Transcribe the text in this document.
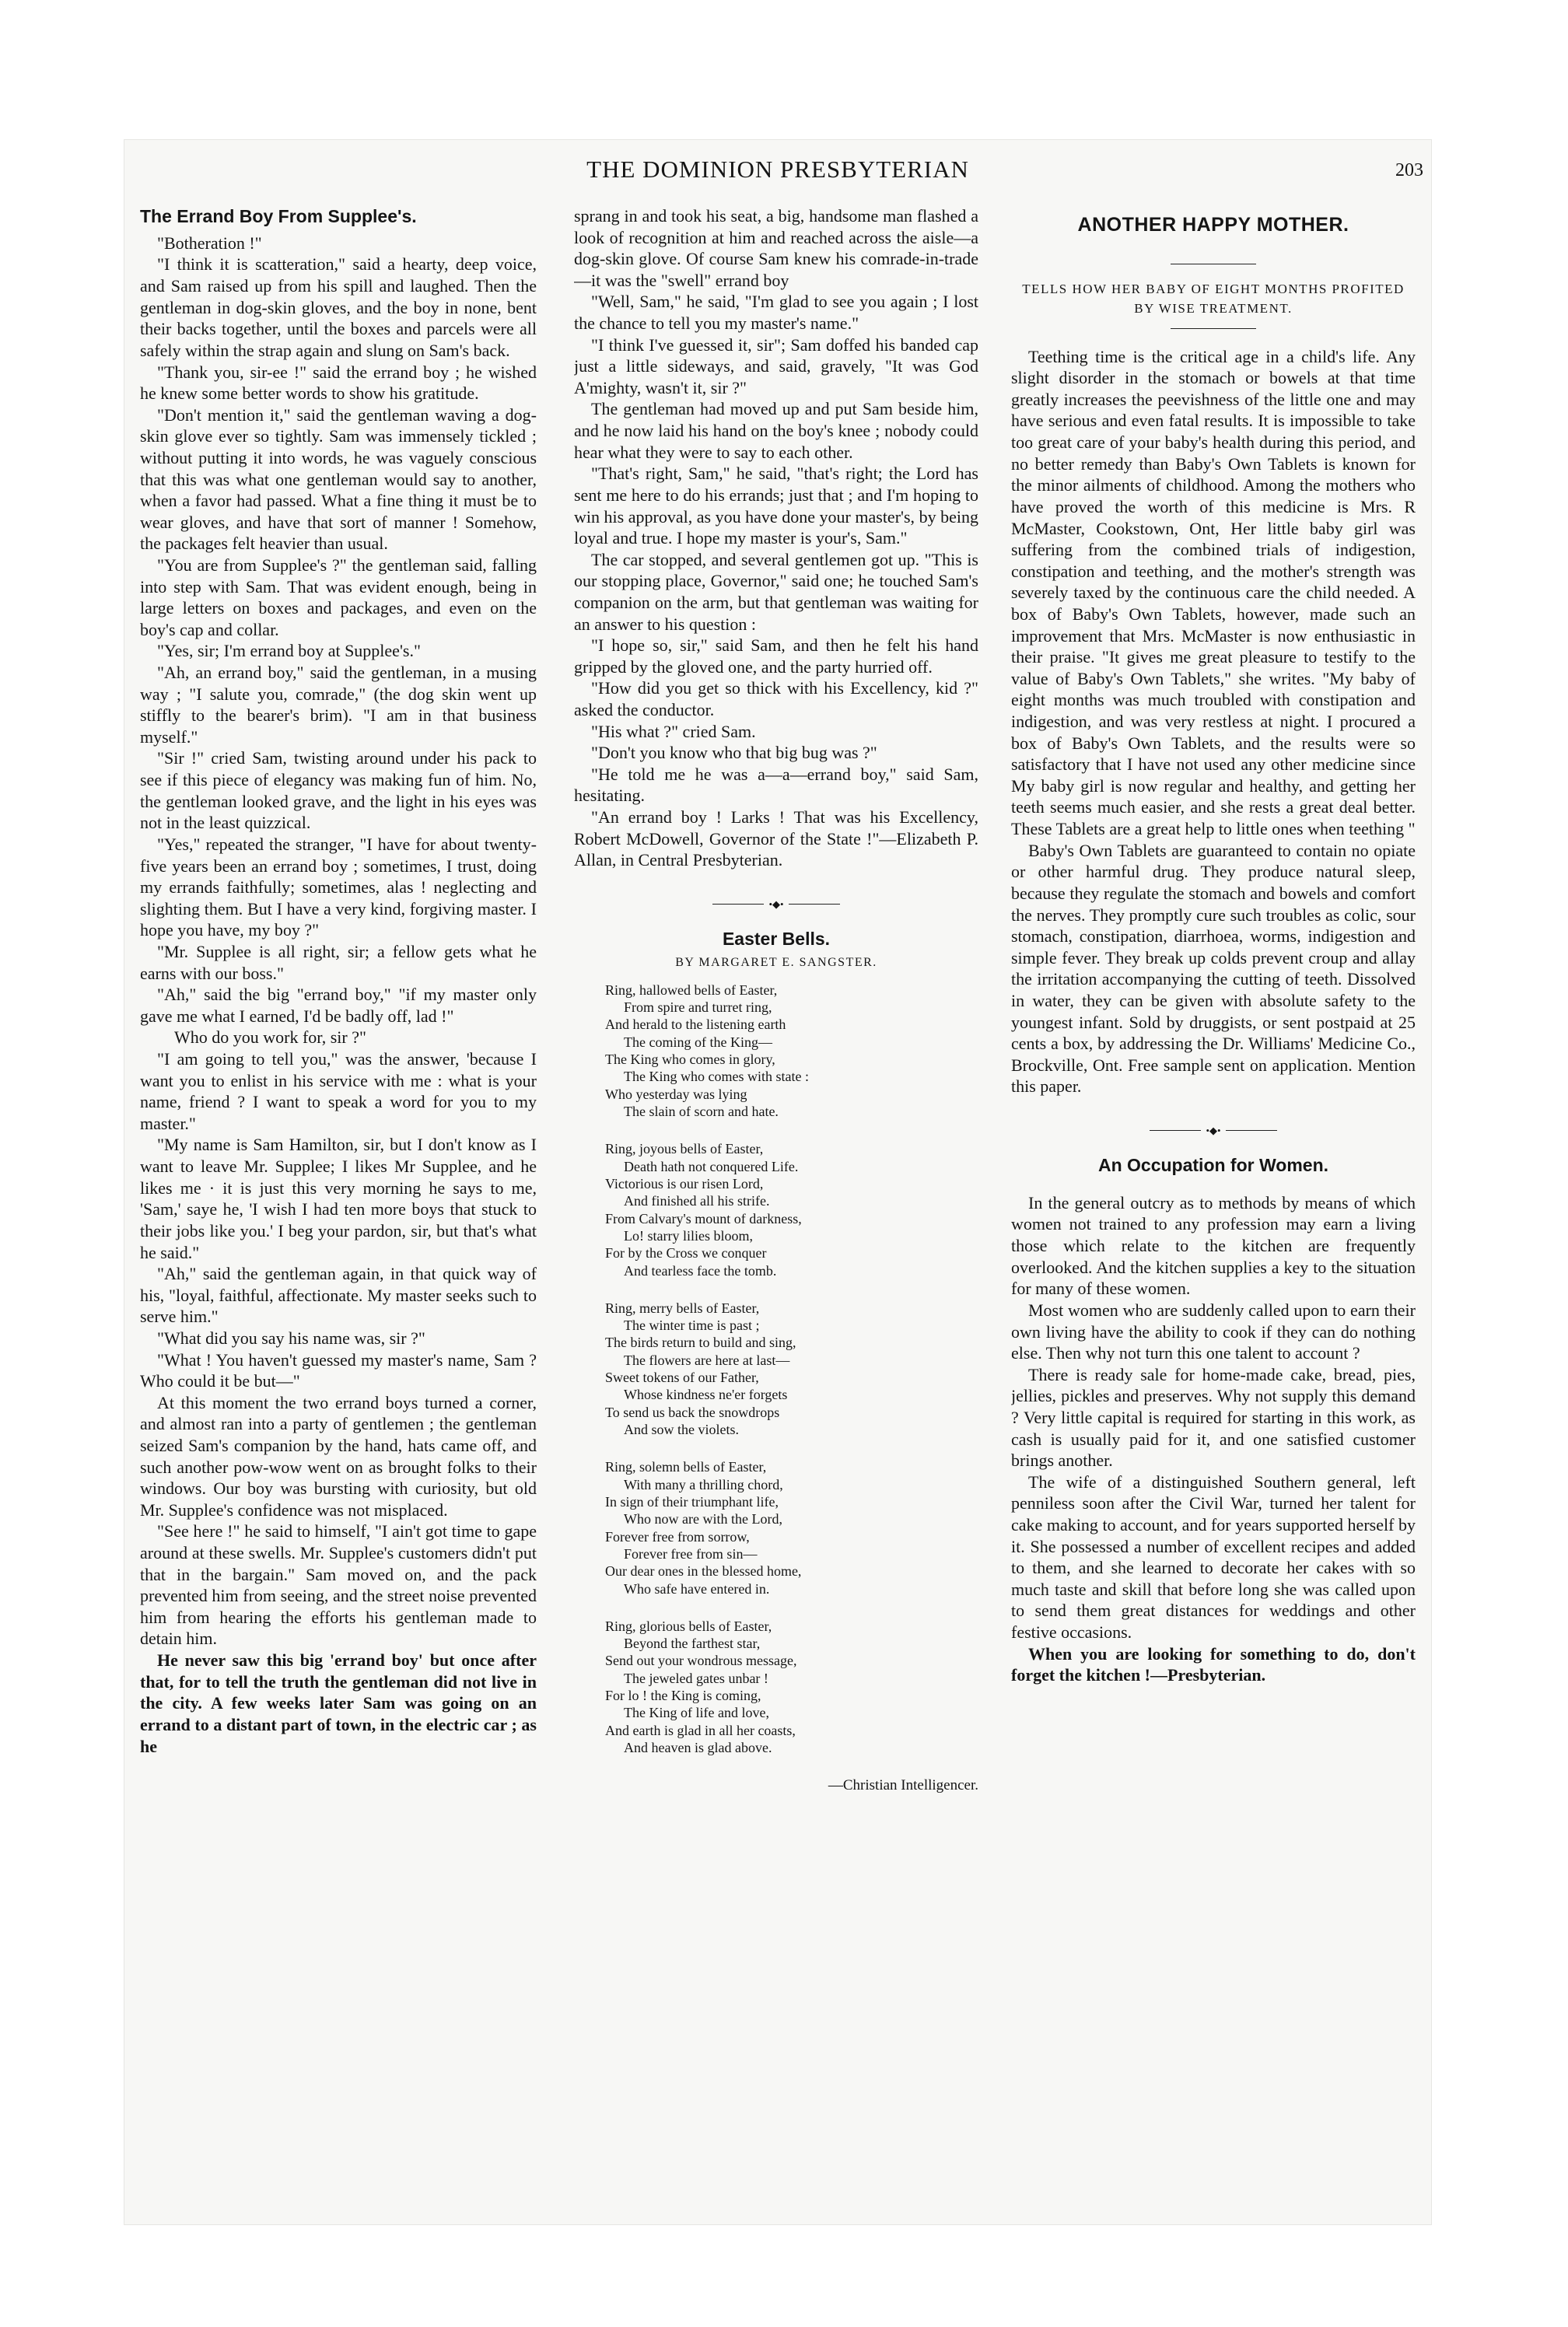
THE DOMINION PRESBYTERIAN	203
The Errand Boy From Supplee's.

"Botheration !"

"I think it is scatteration," said a hearty, deep voice, and Sam raised up from his spill and laughed. Then the gentleman in dog-skin gloves, and the boy in none, bent their backs together, until the boxes and parcels were all safely within the strap again and slung on Sam's back.

"Thank you, sir-ee !" said the errand boy ; he wished he knew some better words to show his gratitude.

"Don't mention it," said the gentleman waving a dog-skin glove ever so tightly. Sam was immensely tickled ; without putting it into words, he was vaguely conscious that this was what one gentleman would say to another, when a favor had passed. What a fine thing it must be to wear gloves, and have that sort of manner ! Somehow, the packages felt heavier than usual.

"You are from Supplee's ?" the gentleman said, falling into step with Sam. That was evident enough, being in large letters on boxes and packages, and even on the boy's cap and collar.

"Yes, sir; I'm errand boy at Supplee's."

"Ah, an errand boy," said the gentleman, in a musing way ; "I salute you, comrade," (the dog skin went up stiffly to the bearer's brim). "I am in that business myself."

"Sir !" cried Sam, twisting around under his pack to see if this piece of elegancy was making fun of him. No, the gentleman looked grave, and the light in his eyes was not in the least quizzical.

"Yes," repeated the stranger, "I have for about twenty-five years been an errand boy ; sometimes, I trust, doing my errands faithfully; sometimes, alas ! neglecting and slighting them. But I have a very kind, forgiving master. I hope you have, my boy ?"

"Mr. Supplee is all right, sir; a fellow gets what he earns with our boss."

"Ah," said the big "errand boy," "if my master only gave me what I earned, I'd be badly off, lad !"

Who do you work for, sir ?"

"I am going to tell you," was the answer, 'because I want you to enlist in his service with me : what is your name, friend ? I want to speak a word for you to my master."

"My name is Sam Hamilton, sir, but I don't know as I want to leave Mr. Supplee; I likes Mr Supplee, and he likes me · it is just this very morning he says to me, 'Sam,' saye he, 'I wish I had ten more boys that stuck to their jobs like you.' I beg your pardon, sir, but that's what he said."

"Ah," said the gentleman again, in that quick way of his, "loyal, faithful, affectionate. My master seeks such to serve him."

"What did you say his name was, sir ?"

"What ! You haven't guessed my master's name, Sam ? Who could it be but—"

At this moment the two errand boys turned a corner, and almost ran into a party of gentlemen ; the gentleman seized Sam's companion by the hand, hats came off, and such another pow-wow went on as brought folks to their windows. Our boy was bursting with curiosity, but old Mr. Supplee's confidence was not misplaced.

"See here !" he said to himself, "I ain't got time to gape around at these swells. Mr. Supplee's customers didn't put that in the bargain." Sam moved on, and the pack prevented him from seeing, and the street noise prevented him from hearing the efforts his gentleman made to detain him.

He never saw this big 'errand boy' but once after that, for to tell the truth the gentleman did not live in the city. A few weeks later Sam was going on an errand to a distant part of town, in the electric car ; as he

sprang in and took his seat, a big, handsome man flashed a look of recognition at him and reached across the aisle—a dog-skin glove. Of course Sam knew his comrade-in-trade—it was the "swell" errand boy

"Well, Sam," he said, "I'm glad to see you again ; I lost the chance to tell you my master's name."

"I think I've guessed it, sir"; Sam doffed his banded cap just a little sideways, and said, gravely, "It was God A'mighty, wasn't it, sir ?"

The gentleman had moved up and put Sam beside him, and he now laid his hand on the boy's knee ; nobody could hear what they were to say to each other.

"That's right, Sam," he said, "that's right; the Lord has sent me here to do his errands; just that ; and I'm hoping to win his approval, as you have done your master's, by being loyal and true. I hope my master is your's, Sam."

The car stopped, and several gentlemen got up. "This is our stopping place, Governor," said one; he touched Sam's companion on the arm, but that gentleman was waiting for an answer to his question :

"I hope so, sir," said Sam, and then he felt his hand gripped by the gloved one, and the party hurried off.

"How did you get so thick with his Excellency, kid ?" asked the conductor.

"His what ?" cried Sam.

"Don't you know who that big bug was ?"

"He told me he was a—a—errand boy," said Sam, hesitating.

"An errand boy ! Larks ! That was his Excellency, Robert McDowell, Governor of the State !"—Elizabeth P. Allan, in Central Presbyterian.

•◆•
Easter Bells.
BY MARGARET E. SANGSTER.
Ring, hallowed bells of Easter,
From spire and turret ring,
And herald to the listening earth
The coming of the King—
The King who comes in glory,
The King who comes with state :
Who yesterday was lying
The slain of scorn and hate.
Ring, joyous bells of Easter,
Death hath not conquered Life.
Victorious is our risen Lord,
And finished all his strife.
From Calvary's mount of darkness,
Lo! starry lilies bloom,
For by the Cross we conquer
And tearless face the tomb.
Ring, merry bells of Easter,
The winter time is past ;
The birds return to build and sing,
The flowers are here at last—
Sweet tokens of our Father,
Whose kindness ne'er forgets
To send us back the snowdrops
And sow the violets.
Ring, solemn bells of Easter,
With many a thrilling chord,
In sign of their triumphant life,
Who now are with the Lord,
Forever free from sorrow,
Forever free from sin—
Our dear ones in the blessed home,
Who safe have entered in.
Ring, glorious bells of Easter,
Beyond the farthest star,
Send out your wondrous message,
The jeweled gates unbar !
For lo ! the King is coming,
The King of life and love,
And earth is glad in all her coasts,
And heaven is glad above.
—Christian Intelligencer.
ANOTHER HAPPY MOTHER.
TELLS HOW HER BABY OF EIGHT MONTHS PROFITED BY WISE TREATMENT.

Teething time is the critical age in a child's life. Any slight disorder in the stomach or bowels at that time greatly increases the peevishness of the little one and may have serious and even fatal results. It is impossible to take too great care of your baby's health during this period, and no better remedy than Baby's Own Tablets is known for the minor ailments of childhood. Among the mothers who have proved the worth of this medicine is Mrs. R McMaster, Cookstown, Ont, Her little baby girl was suffering from the combined trials of indigestion, constipation and teething, and the mother's strength was severely taxed by the continuous care the child needed. A box of Baby's Own Tablets, however, made such an improvement that Mrs. McMaster is now enthusiastic in their praise. "It gives me great pleasure to testify to the value of Baby's Own Tablets," she writes. "My baby of eight months was much troubled with constipation and indigestion, and was very restless at night. I procured a box of Baby's Own Tablets, and the results were so satisfactory that I have not used any other medicine since My baby girl is now regular and healthy, and getting her teeth seems much easier, and she rests a great deal better. These Tablets are a great help to little ones when teething "

Baby's Own Tablets are guaranteed to contain no opiate or other harmful drug. They produce natural sleep, because they regulate the stomach and bowels and comfort the nerves. They promptly cure such troubles as colic, sour stomach, constipation, diarrhoea, worms, indigestion and simple fever. They break up colds prevent croup and allay the irritation accompanying the cutting of teeth. Dissolved in water, they can be given with absolute safety to the youngest infant. Sold by druggists, or sent postpaid at 25 cents a box, by addressing the Dr. Williams' Medicine Co., Brockville, Ont. Free sample sent on application. Mention this paper.

•◆•
An Occupation for Women.

In the general outcry as to methods by means of which women not trained to any profession may earn a living those which relate to the kitchen are frequently overlooked. And the kitchen supplies a key to the situation for many of these women.

Most women who are suddenly called upon to earn their own living have the ability to cook if they can do nothing else. Then why not turn this one talent to account ?

There is ready sale for home-made cake, bread, pies, jellies, pickles and preserves. Why not supply this demand ? Very little capital is required for starting in this work, as cash is usually paid for it, and one satisfied customer brings another.

The wife of a distinguished Southern general, left penniless soon after the Civil War, turned her talent for cake making to account, and for years supported herself by it. She possessed a number of excellent recipes and added to them, and she learned to decorate her cakes with so much taste and skill that before long she was called upon to send them great distances for weddings and other festive occasions.

When you are looking for something to do, don't forget the kitchen !—Presbyterian.
